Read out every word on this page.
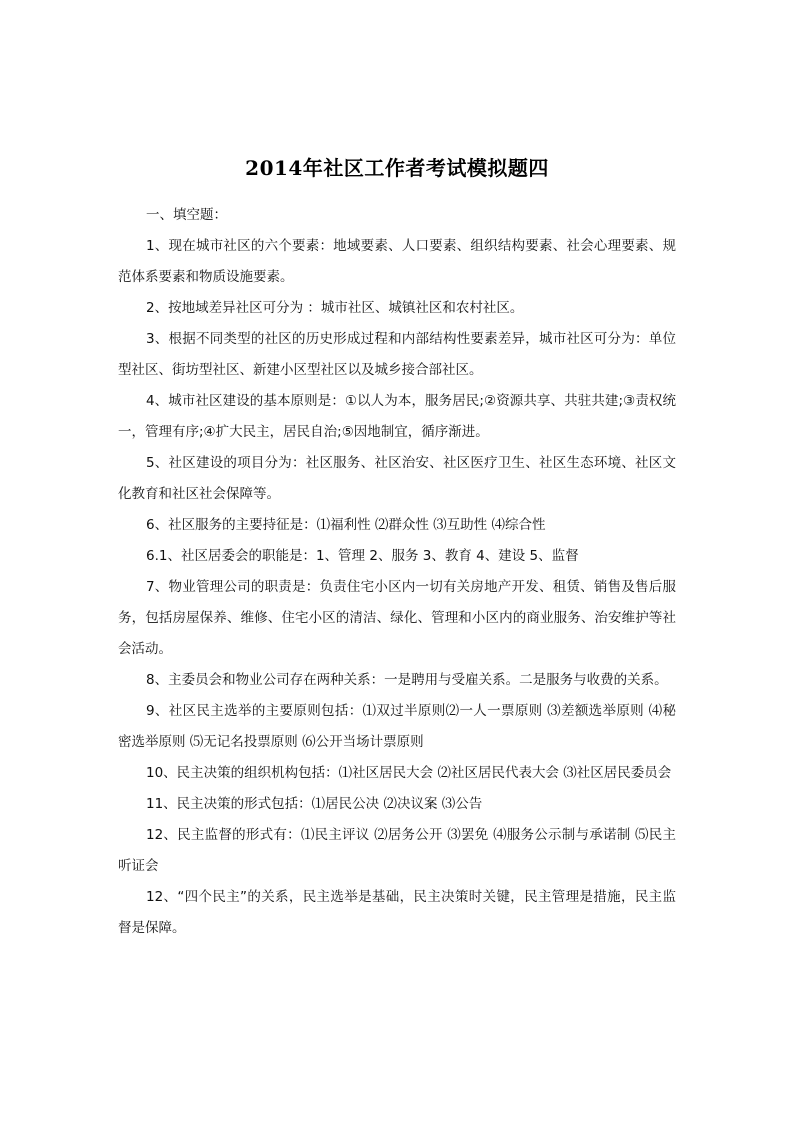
2014年社区工作者考试模拟题四

一、填空题：

1、现在城市社区的六个要素：地域要素、人口要素、组织结构要素、社会心理要素、规范体系要素和物质设施要素。

2、按地域差异社区可分为 ：城市社区、城镇社区和农村社区。

3、根据不同类型的社区的历史形成过程和内部结构性要素差异，城市社区可分为：单位型社区、街坊型社区、新建小区型社区以及城乡接合部社区。

4、城市社区建设的基本原则是：①以人为本，服务居民;②资源共享、共驻共建;③责权统一，管理有序;④扩大民主，居民自治;⑤因地制宜，循序渐进。

5、社区建设的项目分为：社区服务、社区治安、社区医疗卫生、社区生态环境、社区文化教育和社区社会保障等。

6、社区服务的主要持征是：⑴福利性 ⑵群众性 ⑶互助性 ⑷综合性

6.1、社区居委会的职能是：1、管理 2、服务 3、教育 4、建设 5、监督

7、物业管理公司的职责是：负责住宅小区内一切有关房地产开发、租赁、销售及售后服务，包括房屋保养、维修、住宅小区的清洁、绿化、管理和小区内的商业服务、治安维护等社会活动。

8、主委员会和物业公司存在两种关系：一是聘用与受雇关系。二是服务与收费的关系。

9、社区民主选举的主要原则包括：⑴双过半原则⑵一人一票原则 ⑶差额选举原则 ⑷秘密选举原则 ⑸无记名投票原则 ⑹公开当场计票原则

10、民主决策的组织机构包括：⑴社区居民大会 ⑵社区居民代表大会 ⑶社区居民委员会

11、民主决策的形式包括：⑴居民公决 ⑵决议案 ⑶公告

12、民主监督的形式有：⑴民主评议 ⑵居务公开 ⑶罢免 ⑷服务公示制与承诺制 ⑸民主听证会

12、“四个民主”的关系，民主选举是基础，民主决策时关键，民主管理是措施，民主监督是保障。
